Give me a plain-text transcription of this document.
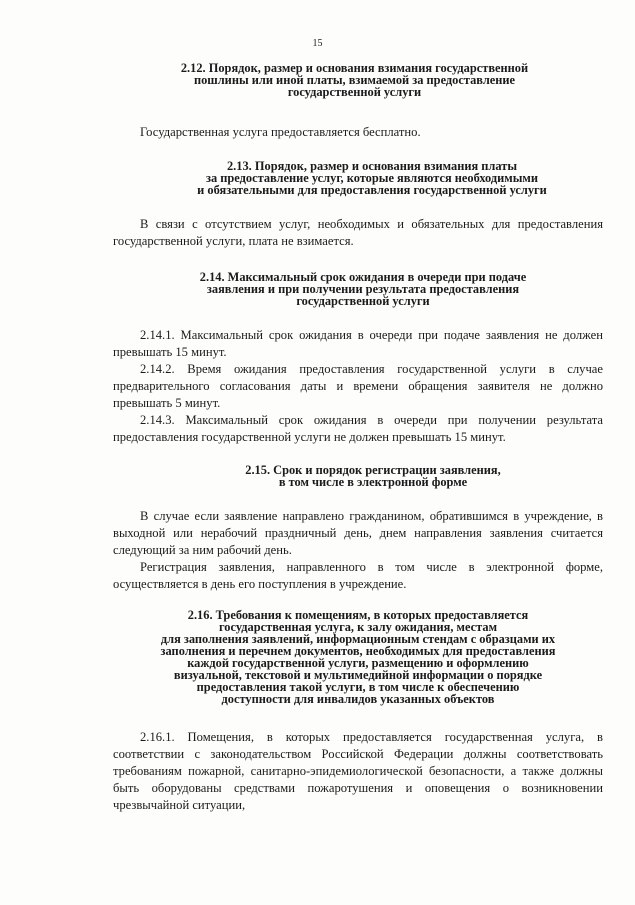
15
2.12. Порядок, размер и основания взимания государственной
пошлины или иной платы, взимаемой за предоставление
государственной услуги

Государственная услуга предоставляется бесплатно.

2.13. Порядок, размер и основания взимания платы
за предоставление услуг, которые являются необходимыми
и обязательными для предоставления государственной услуги

В связи с отсутствием услуг, необходимых и обязательных для предоставления государственной услуги, плата не взимается.

2.14. Максимальный срок ожидания в очереди при подаче
заявления и при получении результата предоставления
государственной услуги

2.14.1. Максимальный срок ожидания в очереди при подаче заявления не должен превышать 15 минут.

2.14.2. Время ожидания предоставления государственной услуги в случае предварительного согласования даты и времени обращения заявителя не должно превышать 5 минут.

2.14.3. Максимальный срок ожидания в очереди при получении результата предоставления государственной услуги не должен превышать 15 минут.

2.15. Срок и порядок регистрации заявления,
в том числе в электронной форме

В случае если заявление направлено гражданином, обратившимся в учреждение, в выходной или нерабочий праздничный день, днем направления заявления считается следующий за ним рабочий день.

Регистрация заявления, направленного в том числе в электронной форме, осуществляется в день его поступления в учреждение.

2.16. Требования к помещениям, в которых предоставляется
государственная услуга, к залу ожидания, местам
для заполнения заявлений, информационным стендам с образцами их
заполнения и перечнем документов, необходимых для предоставления
каждой государственной услуги, размещению и оформлению
визуальной, текстовой и мультимедийной информации о порядке
предоставления такой услуги, в том числе к обеспечению
доступности для инвалидов указанных объектов

2.16.1. Помещения, в которых предоставляется государственная услуга, в соответствии с законодательством Российской Федерации должны соответствовать требованиям пожарной, санитарно-эпидемиологической безопасности, а также должны быть оборудованы средствами пожаротушения и оповещения о возникновении чрезвычайной ситуации,
